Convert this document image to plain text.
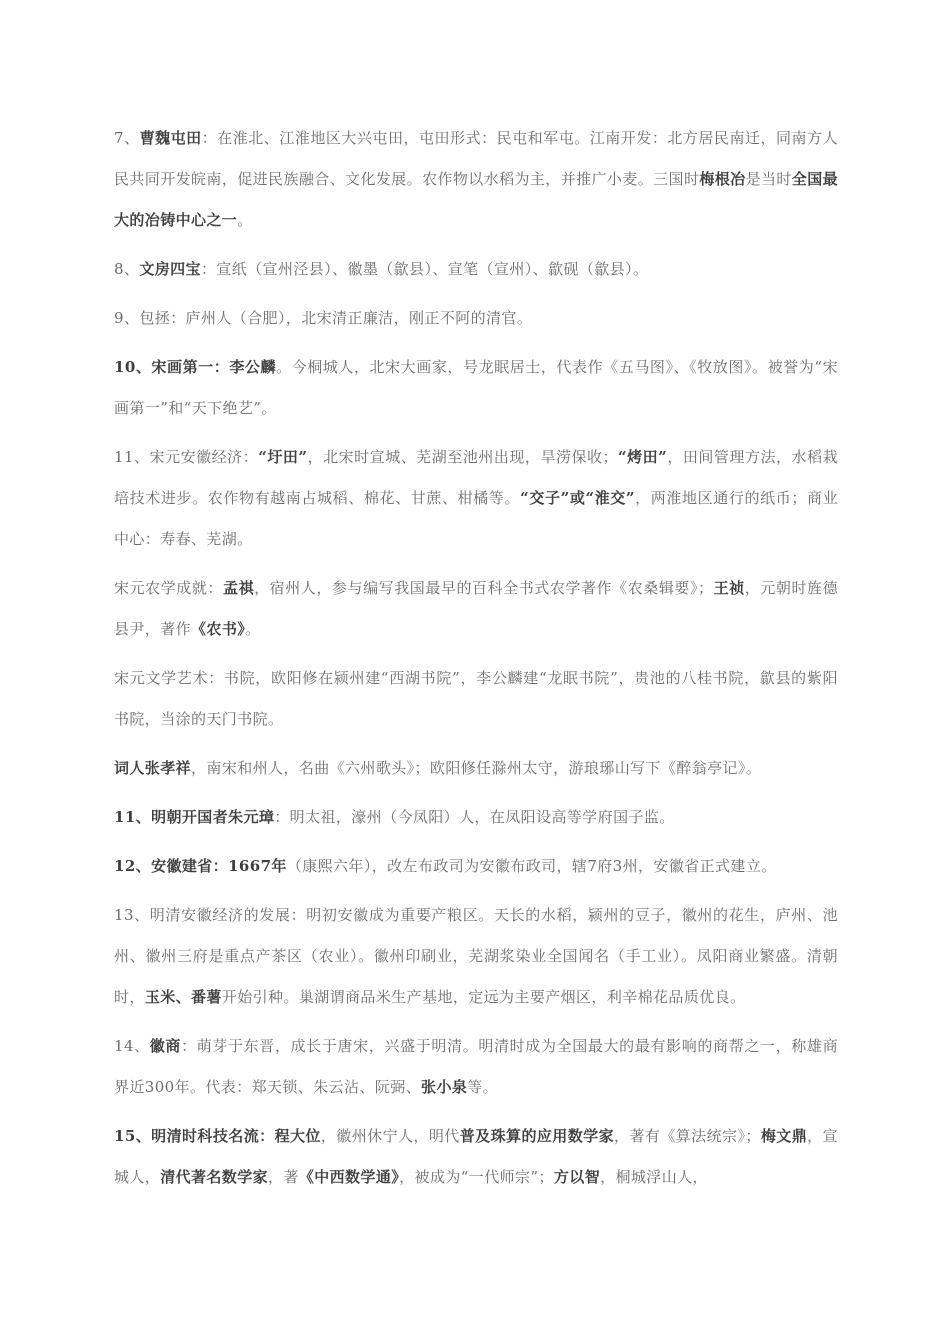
7、曹魏屯田：在淮北、江淮地区大兴屯田，屯田形式：民屯和军屯。江南开发：北方居民南迁，同南方人民共同开发皖南，促进民族融合、文化发展。农作物以水稻为主，并推广小麦。三国时梅根冶是当时全国最大的冶铸中心之一。

8、文房四宝：宣纸（宣州泾县）、徽墨（歙县）、宣笔（宣州）、歙砚（歙县）。

9、包拯：庐州人（合肥），北宋清正廉洁，刚正不阿的清官。

10、宋画第一：李公麟。今桐城人，北宋大画家，号龙眠居士，代表作《五马图》、《牧放图》。被誉为“宋画第一”和“天下绝艺”。

11、宋元安徽经济：“圩田”，北宋时宣城、芜湖至池州出现，旱涝保收；“烤田”，田间管理方法，水稻栽培技术进步。农作物有越南占城稻、棉花、甘蔗、柑橘等。“交子”或“淮交”，两淮地区通行的纸币；商业中心：寿春、芜湖。

宋元农学成就：孟祺，宿州人，参与编写我国最早的百科全书式农学著作《农桑辑要》；王祯，元朝时旌德县尹，著作《农书》。

宋元文学艺术：书院，欧阳修在颍州建“西湖书院”，李公麟建“龙眠书院”，贵池的八桂书院，歙县的紫阳书院，当涂的天门书院。

词人张孝祥，南宋和州人，名曲《六州歌头》；欧阳修任滁州太守，游琅琊山写下《醉翁亭记》。

11、明朝开国者朱元璋：明太祖，濠州（今凤阳）人，在凤阳设高等学府国子监。

12、安徽建省：1667年（康熙六年），改左布政司为安徽布政司，辖7府3州，安徽省正式建立。

13、明清安徽经济的发展：明初安徽成为重要产粮区。天长的水稻，颍州的豆子，徽州的花生，庐州、池州、徽州三府是重点产茶区（农业）。徽州印刷业，芜湖浆染业全国闻名（手工业）。凤阳商业繁盛。清朝时，玉米、番薯开始引种。巢湖谓商品米生产基地，定远为主要产烟区，利辛棉花品质优良。

14、徽商：萌芽于东晋，成长于唐宋，兴盛于明清。明清时成为全国最大的最有影响的商帮之一，称雄商界近300年。代表：郑天锁、朱云沾、阮弼、张小泉等。

15、明清时科技名流：程大位，徽州休宁人，明代普及珠算的应用数学家，著有《算法统宗》；梅文鼎，宣城人，清代著名数学家，著《中西数学通》，被成为“一代师宗”；方以智，桐城浮山人，
